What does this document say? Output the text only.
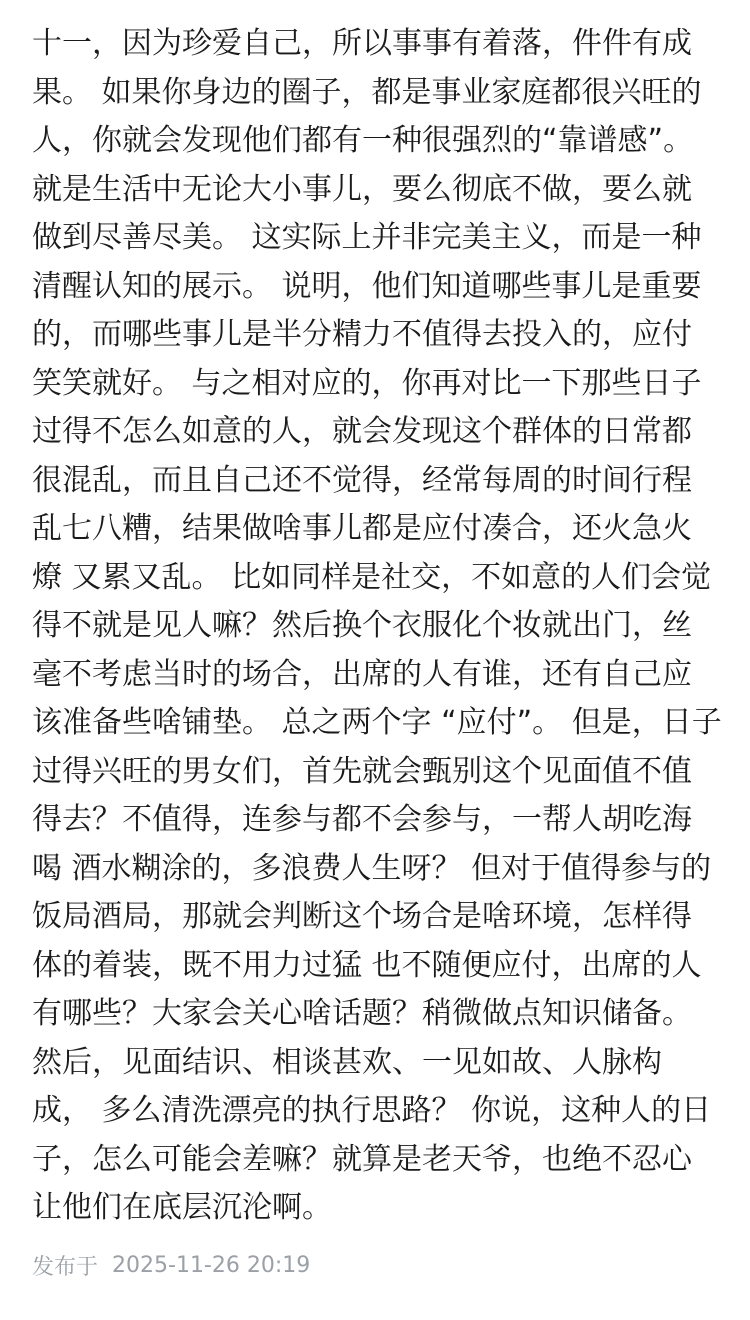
十一，因为珍爱自己，所以事事有着落，件件有成
果。 如果你身边的圈子，都是事业家庭都很兴旺的
人，你就会发现他们都有一种很强烈的“靠谱感”。
就是生活中无论大小事儿，要么彻底不做，要么就
做到尽善尽美。 这实际上并非完美主义，而是一种
清醒认知的展示。 说明，他们知道哪些事儿是重要
的，而哪些事儿是半分精力不值得去投入的，应付
笑笑就好。 与之相对应的，你再对比一下那些日子
过得不怎么如意的人，就会发现这个群体的日常都
很混乱，而且自己还不觉得，经常每周的时间行程
乱七八糟，结果做啥事儿都是应付凑合，还火急火
燎 又累又乱。 比如同样是社交，不如意的人们会觉
得不就是见人嘛？然后换个衣服化个妆就出门，丝
毫不考虑当时的场合，出席的人有谁，还有自己应
该准备些啥铺垫。 总之两个字 “应付”。 但是，日子
过得兴旺的男女们，首先就会甄别这个见面值不值
得去？不值得，连参与都不会参与，一帮人胡吃海
喝 酒水糊涂的，多浪费人生呀？ 但对于值得参与的
饭局酒局，那就会判断这个场合是啥环境，怎样得
体的着装，既不用力过猛 也不随便应付，出席的人
有哪些？大家会关心啥话题？稍微做点知识储备。
然后，见面结识、相谈甚欢、一见如故、人脉构
成， 多么清洗漂亮的执行思路？ 你说，这种人的日
子，怎么可能会差嘛？就算是老天爷，也绝不忍心
让他们在底层沉沦啊。
发布于 2025-11-26 20:19
